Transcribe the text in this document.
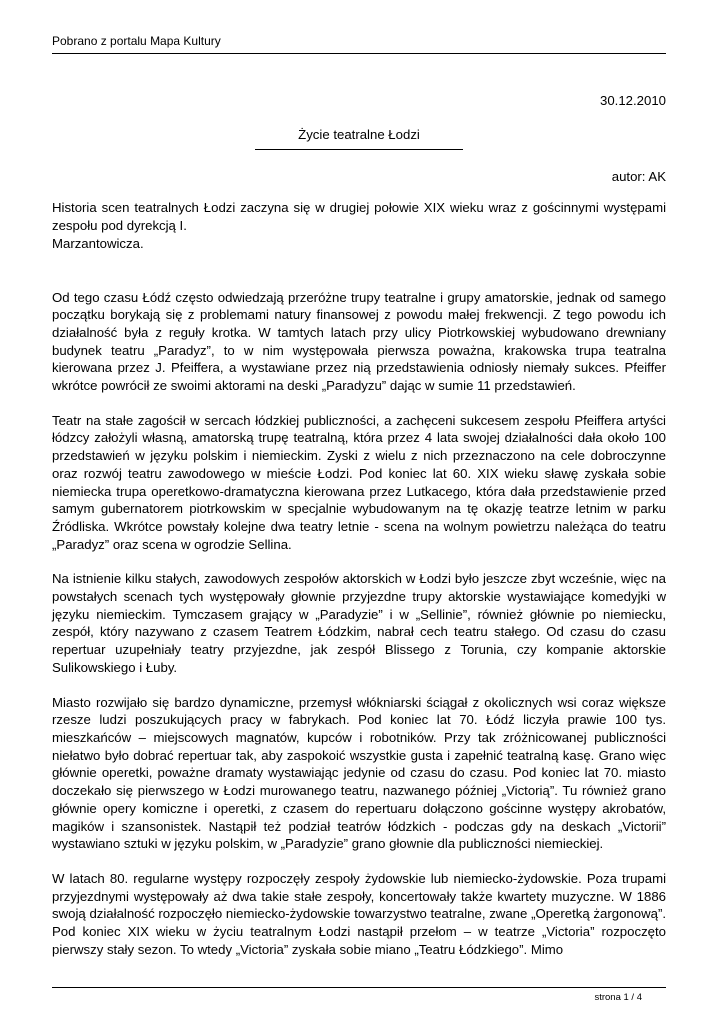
Pobrano z portalu Mapa Kultury
30.12.2010
Życie teatralne Łodzi
autor: AK

Historia scen teatralnych Łodzi zaczyna się w drugiej połowie XIX wieku wraz z gościnnymi występami zespołu pod dyrekcją I.
Marzantowicza.

Od tego czasu Łódź często odwiedzają przeróżne trupy teatralne i grupy amatorskie, jednak od samego początku borykają się z problemami natury finansowej z powodu małej frekwencji. Z tego powodu ich działalność była z reguły krotka. W tamtych latach przy ulicy Piotrkowskiej wybudowano drewniany budynek teatru „Paradyz”, to w nim występowała pierwsza poważna, krakowska trupa teatralna kierowana przez J. Pfeiffera, a wystawiane przez nią przedstawienia odniosły niemały sukces. Pfeiffer wkrótce powrócił ze swoimi aktorami na deski „Paradyzu” dając w sumie 11 przedstawień.

Teatr na stałe zagościł w sercach łódzkiej publiczności, a zachęceni sukcesem zespołu Pfeiffera artyści łódzcy założyli własną, amatorską trupę teatralną, która przez 4 lata swojej działalności dała około 100 przedstawień w języku polskim i niemieckim. Zyski z wielu z nich przeznaczono na cele dobroczynne oraz rozwój teatru zawodowego w mieście Łodzi. Pod koniec lat 60. XIX wieku sławę zyskała sobie niemiecka trupa operetkowo-dramatyczna kierowana przez Lutkacego, która dała przedstawienie przed samym gubernatorem piotrkowskim w specjalnie wybudowanym na tę okazję teatrze letnim w parku Źródliska. Wkrótce powstały kolejne dwa teatry letnie - scena na wolnym powietrzu należąca do teatru „Paradyz” oraz scena w ogrodzie Sellina.

Na istnienie kilku stałych, zawodowych zespołów aktorskich w Łodzi było jeszcze zbyt wcześnie, więc na powstałych scenach tych występowały głownie przyjezdne trupy aktorskie wystawiające komedyjki w języku niemieckim. Tymczasem grający w „Paradyzie” i w „Sellinie”, również głównie po niemiecku, zespół, który nazywano z czasem Teatrem Łódzkim, nabrał cech teatru stałego. Od czasu do czasu repertuar uzupełniały teatry przyjezdne, jak zespół Blissego z Torunia, czy kompanie aktorskie Sulikowskiego i Łuby.

Miasto rozwijało się bardzo dynamiczne, przemysł włókniarski ściągał z okolicznych wsi coraz większe rzesze ludzi poszukujących pracy w fabrykach. Pod koniec lat 70. Łódź liczyła prawie 100 tys. mieszkańców – miejscowych magnatów, kupców i robotników. Przy tak zróżnicowanej publiczności niełatwo było dobrać repertuar tak, aby zaspokoić wszystkie gusta i zapełnić teatralną kasę. Grano więc głównie operetki, poważne dramaty wystawiając jedynie od czasu do czasu. Pod koniec lat 70. miasto doczekało się pierwszego w Łodzi murowanego teatru, nazwanego później „Victorią”. Tu również grano głównie opery komiczne i operetki, z czasem do repertuaru dołączono gościnne występy akrobatów, magików i szansonistek. Nastąpił też podział teatrów łódzkich - podczas gdy na deskach „Victorii” wystawiano sztuki w języku polskim, w „Paradyzie” grano głownie dla publiczności niemieckiej.

W latach 80. regularne występy rozpoczęły zespoły żydowskie lub niemiecko-żydowskie. Poza trupami przyjezdnymi występowały aż dwa takie stałe zespoły, koncertowały także kwartety muzyczne. W 1886 swoją działalność rozpoczęło niemiecko-żydowskie towarzystwo teatralne, zwane „Operetką żargonową”. Pod koniec XIX wieku w życiu teatralnym Łodzi nastąpił przełom – w teatrze „Victoria” rozpoczęto pierwszy stały sezon. To wtedy „Victoria” zyskała sobie miano „Teatru Łódzkiego”. Mimo

strona 1 / 4
